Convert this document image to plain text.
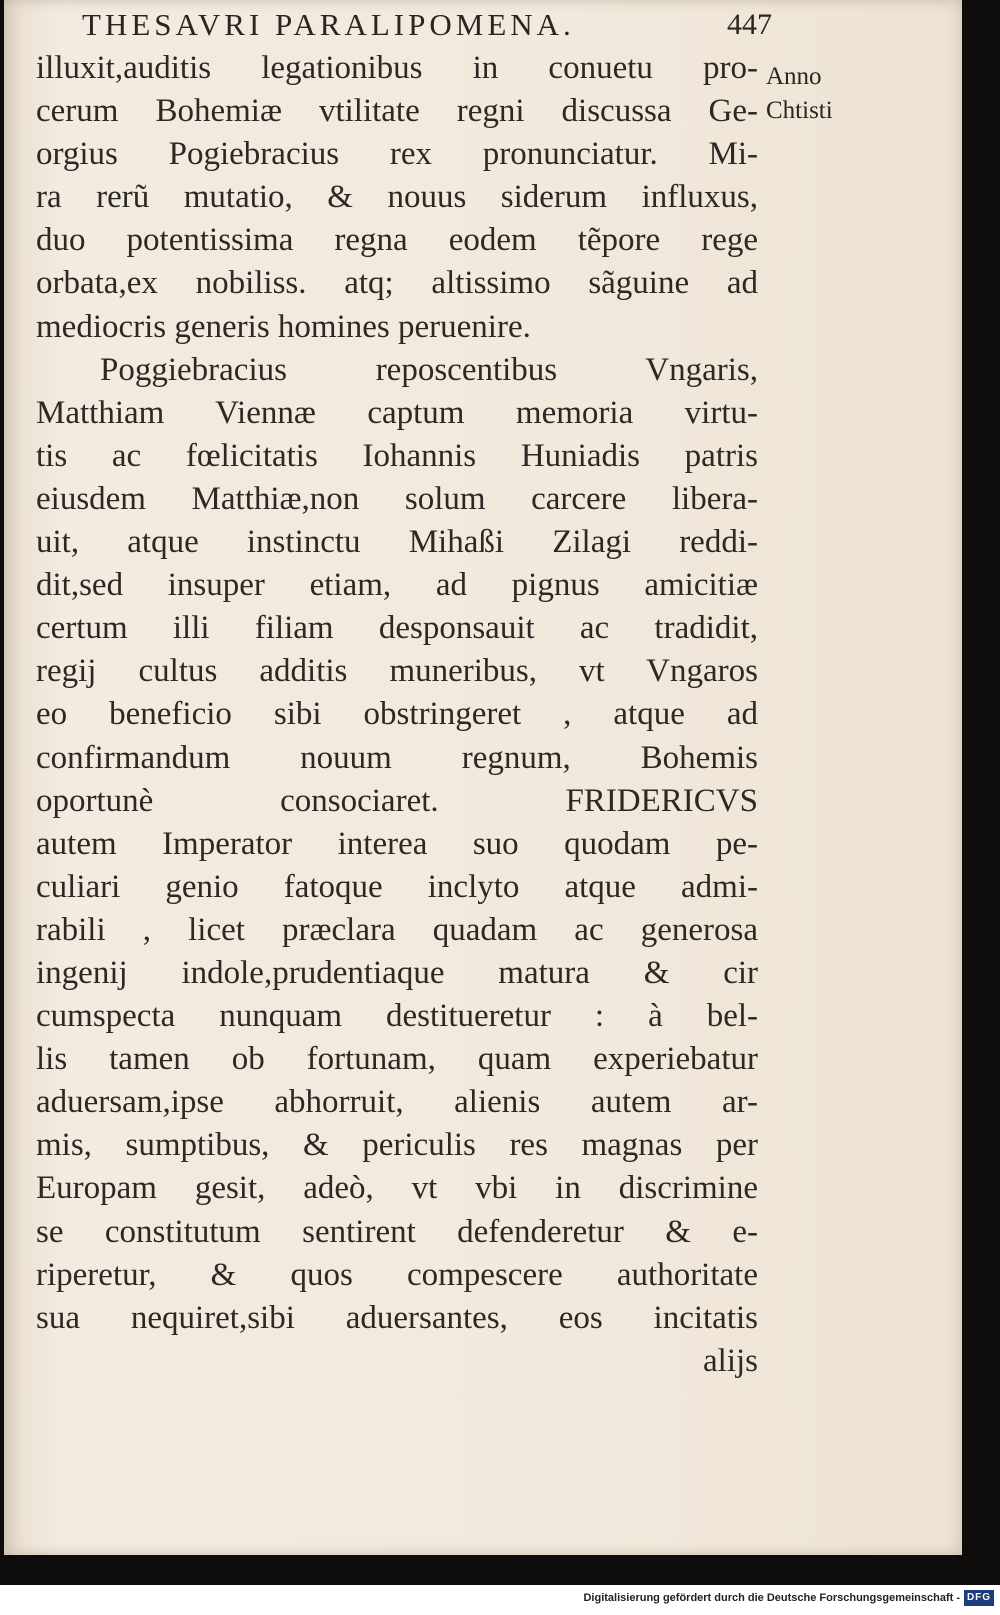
THESAVRI PARALIPOMENA.	447
Anno
Chtisti
illuxit,auditis legationibus in conuetu pro-
cerum Bohemiæ vtilitate regni discussa Ge-
orgius Pogiebracius rex pronunciatur. Mi-
ra rerũ mutatio, & nouus siderum influxus,
duo potentissima regna eodem tẽpore rege
orbata,ex nobiliss. atq; altissimo sãguine ad
mediocris generis homines peruenire.
Poggiebracius reposcentibus Vngaris,
Matthiam Viennæ captum memoria virtu-
tis ac fœlicitatis Iohannis Huniadis patris
eiusdem Matthiæ,non solum carcere libera-
uit, atque instinctu Mihaßi Zilagi reddi-
dit,sed insuper etiam, ad pignus amicitiæ
certum illi filiam desponsauit ac tradidit,
regij cultus additis muneribus, vt Vngaros
eo beneficio sibi obstringeret , atque ad
confirmandum nouum regnum, Bohemis
oportunè consociaret. FRIDERICVS
autem Imperator interea suo quodam pe-
culiari genio fatoque inclyto atque admi-
rabili , licet præclara quadam ac generosa
ingenij indole,prudentiaque matura & cir
cumspecta nunquam destitueretur : à bel-
lis tamen ob fortunam, quam experiebatur
aduersam,ipse abhorruit, alienis autem ar-
mis, sumptibus, & periculis res magnas per
Europam gesit, adeò, vt vbi in discrimine
se constitutum sentirent defenderetur & e-
riperetur, & quos compescere authoritate
sua nequiret,sibi aduersantes, eos incitatis
alijs
Digitalisierung gefördert durch die Deutsche Forschungsgemeinschaft - DFG
